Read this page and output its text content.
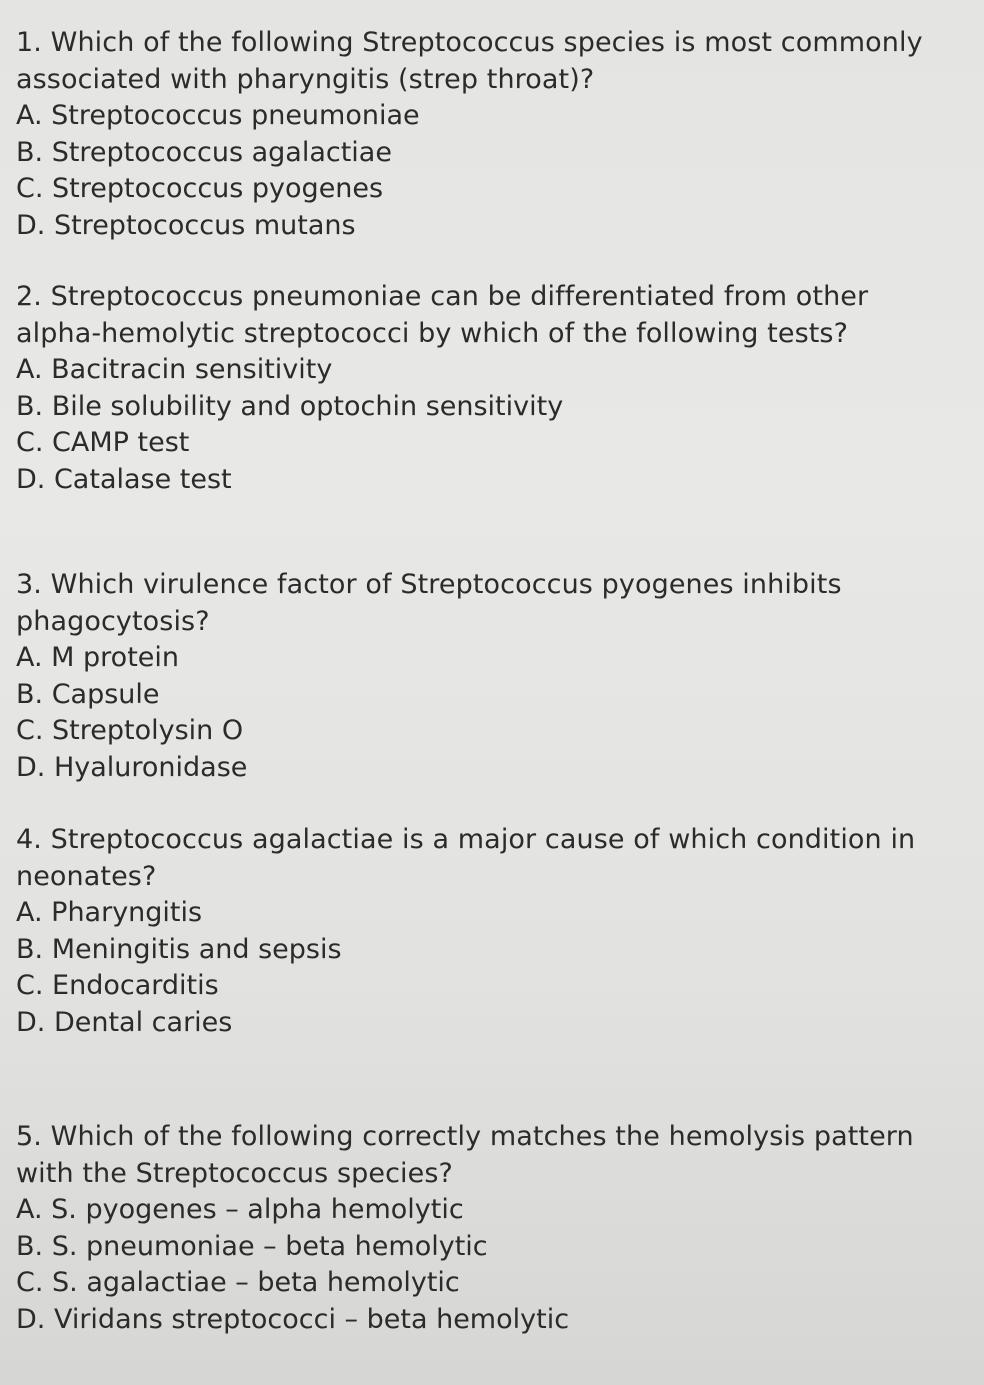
1. Which of the following Streptococcus species is most commonly associated with pharyngitis (strep throat)?

A. Streptococcus pneumoniae
B. Streptococcus agalactiae
C. Streptococcus pyogenes
D. Streptococcus mutans

2. Streptococcus pneumoniae can be differentiated from other alpha-hemolytic streptococci by which of the following tests?

A. Bacitracin sensitivity
B. Bile solubility and optochin sensitivity
C. CAMP test
D. Catalase test

3. Which virulence factor of Streptococcus pyogenes inhibits phagocytosis?

A. M protein
B. Capsule
C. Streptolysin O
D. Hyaluronidase

4. Streptococcus agalactiae is a major cause of which condition in neonates?

A. Pharyngitis
B. Meningitis and sepsis
C. Endocarditis
D. Dental caries

5. Which of the following correctly matches the hemolysis pattern with the Streptococcus species?

A. S. pyogenes – alpha hemolytic
B. S. pneumoniae – beta hemolytic
C. S. agalactiae – beta hemolytic
D. Viridans streptococci – beta hemolytic
